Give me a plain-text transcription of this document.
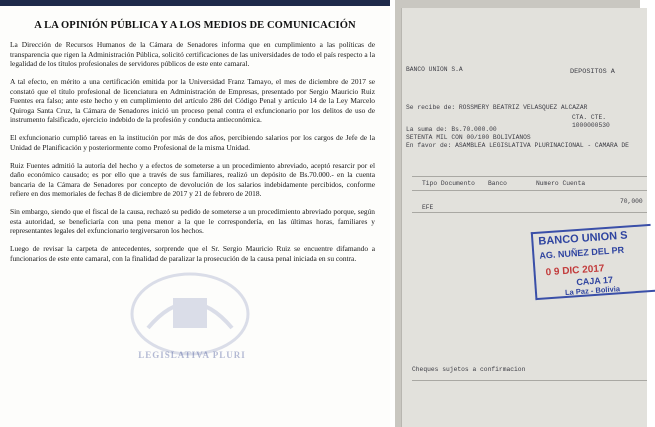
A LA OPINIÓN PÚBLICA Y A LOS MEDIOS DE COMUNICACIÓN

La Dirección de Recursos Humanos de la Cámara de Senadores informa que en cumplimiento a las políticas de transparencia que rigen la Administración Pública, solicitó certificaciones de las universidades de todo el país respecto a la legalidad de los títulos profesionales de servidores públicos de este ente camaral.

A tal efecto, en mérito a una certificación emitida por la Universidad Franz Tamayo, el mes de diciembre de 2017 se constató que el título profesional de licenciatura en Administración de Empresas, presentado por Sergio Mauricio Ruiz Fuentes era falso; ante este hecho y en cumplimiento del artículo 286 del Código Penal y artículo 14 de la Ley Marcelo Quiroga Santa Cruz, la Cámara de Senadores inició un proceso penal contra el exfuncionario por los delitos de uso de instrumento falsificado, ejercicio indebido de la profesión y conducta antieconómica.

El exfuncionario cumplió tareas en la institución por más de dos años, percibiendo salarios por los cargos de Jefe de la Unidad de Planificación y posteriormente como Profesional de la misma Unidad.

Ruiz Fuentes admitió la autoría del hecho y a efectos de someterse a un procedimiento abreviado, aceptó resarcir por el daño económico causado; es por ello que a través de sus familiares, realizó un depósito de Bs.70.000.- en la cuenta bancaria de la Cámara de Senadores por concepto de devolución de los salarios indebidamente percibidos, conforme refiere en dos memoriales de fechas 8 de diciembre de 2017 y 21 de febrero de 2018.

Sin embargo, siendo que el fiscal de la causa, rechazó su pedido de someterse a un procedimiento abreviado porque, según esta autoridad, se beneficiaría con una pena menor a la que le correspondería, en las últimas horas, familiares y representantes legales del exfuncionario tergiversaron los hechos.

Luego de revisar la carpeta de antecedentes, sorprende que el Sr. Sergio Mauricio Ruiz se encuentre difamando a funcionarios de este ente camaral, con la finalidad de paralizar la prosecución de la causa penal iniciada en su contra.

LEGISLATIVA PLURI
BANCO UNION S.A	DEPOSITOS A
Se recibe de: ROSSMERY BEATRIZ VELASQUEZ ALCAZAR
CTA. CTE.
1000000530
La suma de: Bs.70.000.00
SETENTA MIL CON 00/100 BOLIVIANOS
En favor de: ASAMBLEA LEGISLATIVA PLURINACIONAL - CAMARA DE
Tipo Documento Banco	Numero Cuenta
EFE
70,000
Cheques sujetos a confirmacion
BANCO UNION S
AG. NUÑEZ DEL PR
0 9 DIC 2017
CAJA 17
La Paz - Bolivia
